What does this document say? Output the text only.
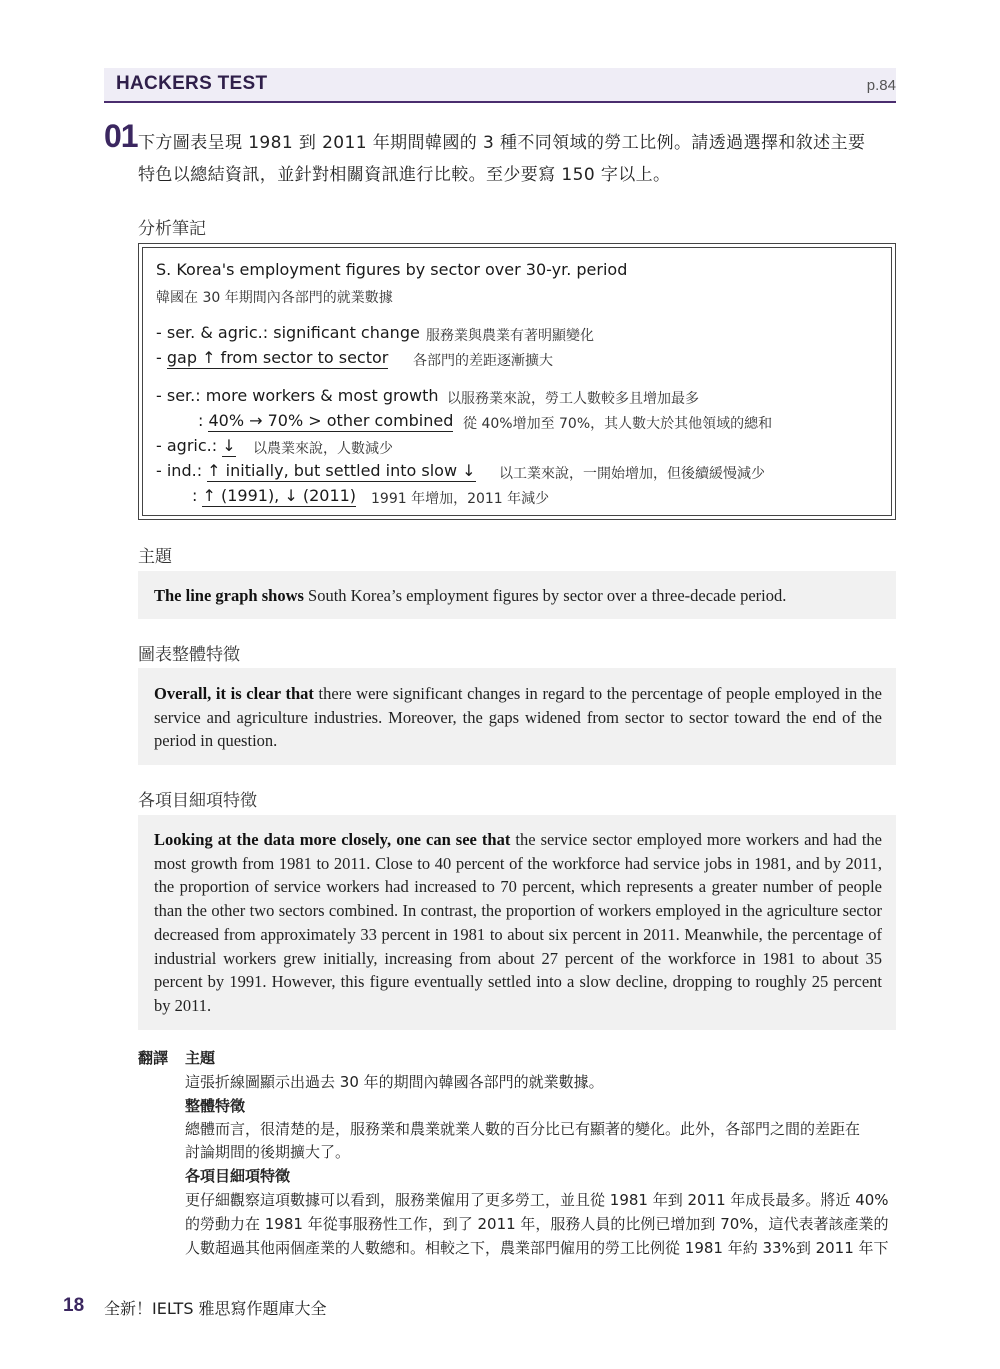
HACKERS TEST	p.84
01 下方圖表呈現 1981 到 2011 年期間韓國的 3 種不同領域的勞工比例。請透過選擇和敘述主要
特色以總結資訊，並針對相關資訊進行比較。至少要寫 150 字以上。
分析筆記
S. Korea's employment figures by sector over 30-yr. period
韓國在 30 年期間內各部門的就業數據
- ser. & agric.: significant change 服務業與農業有著明顯變化
- gap ↑ from sector to sector 各部門的差距逐漸擴大
- ser.: more workers & most growth 以服務業來說，勞工人數較多且增加最多
: 40% → 70% > other combined 從 40%增加至 70%，其人數大於其他領域的總和
- agric.: ↓ 以農業來說，人數減少
- ind.: ↑ initially, but settled into slow ↓ 以工業來說，一開始增加，但後續緩慢減少
: ↑ (1991), ↓ (2011) 1991 年增加，2011 年減少
主題
The line graph shows South Korea’s employment figures by sector over a three-decade period.
圖表整體特徵
Overall, it is clear that there were significant changes in regard to the percentage of people employed in the service and agriculture industries. Moreover, the gaps widened from sector to sector toward the end of the period in question.
各項目細項特徵
Looking at the data more closely, one can see that the service sector employed more workers and had the most growth from 1981 to 2011. Close to 40 percent of the workforce had service jobs in 1981, and by 2011, the proportion of service workers had increased to 70 percent, which represents a greater number of people than the other two sectors combined. In contrast, the proportion of workers employed in the agriculture sector decreased from approximately 33 percent in 1981 to about six percent in 2011. Meanwhile, the percentage of industrial workers grew initially, increasing from about 27 percent of the workforce in 1981 to about 35 percent by 1991. However, this figure eventually settled into a slow decline, dropping to roughly 25 percent by 2011.
翻譯 主題
這張折線圖顯示出過去 30 年的期間內韓國各部門的就業數據。
整體特徵
總體而言，很清楚的是，服務業和農業就業人數的百分比已有顯著的變化。此外，各部門之間的差距在
討論期間的後期擴大了。
各項目細項特徵
更仔細觀察這項數據可以看到，服務業僱用了更多勞工，並且從 1981 年到 2011 年成長最多。將近 40%
的勞動力在 1981 年從事服務性工作，到了 2011 年，服務人員的比例已增加到 70%，這代表著該產業的
人數超過其他兩個產業的人數總和。相較之下，農業部門僱用的勞工比例從 1981 年約 33%到 2011 年下
18 全新！IELTS 雅思寫作題庫大全
